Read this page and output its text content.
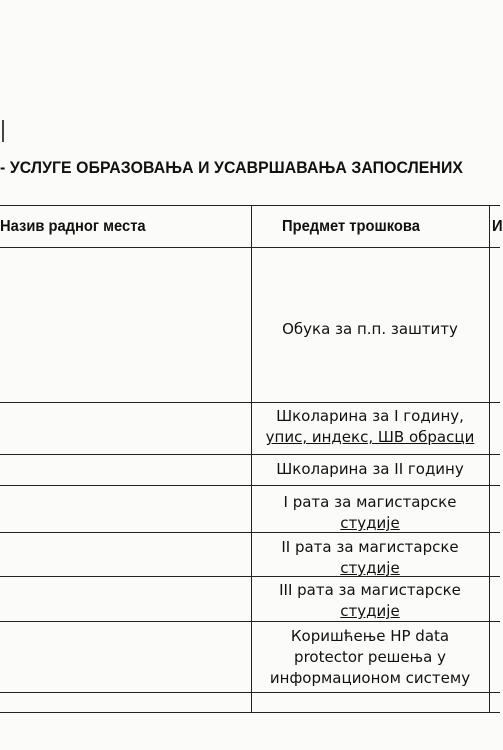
- УСЛУГЕ ОБРАЗОВАЊА И УСАВРШАВАЊА ЗАПОСЛЕНИХ
Назив радног места	Предмет трошкова	И
Обука за п.п. заштиту
Школарина за I годину,
упис, индекс, ШВ обрасци
Школарина за II годину
I рата за магистарске
студије
II рата за магистарске
студије
III рата за магистарске
студије
Коришћење HP data
protector решења у
информационом систему
